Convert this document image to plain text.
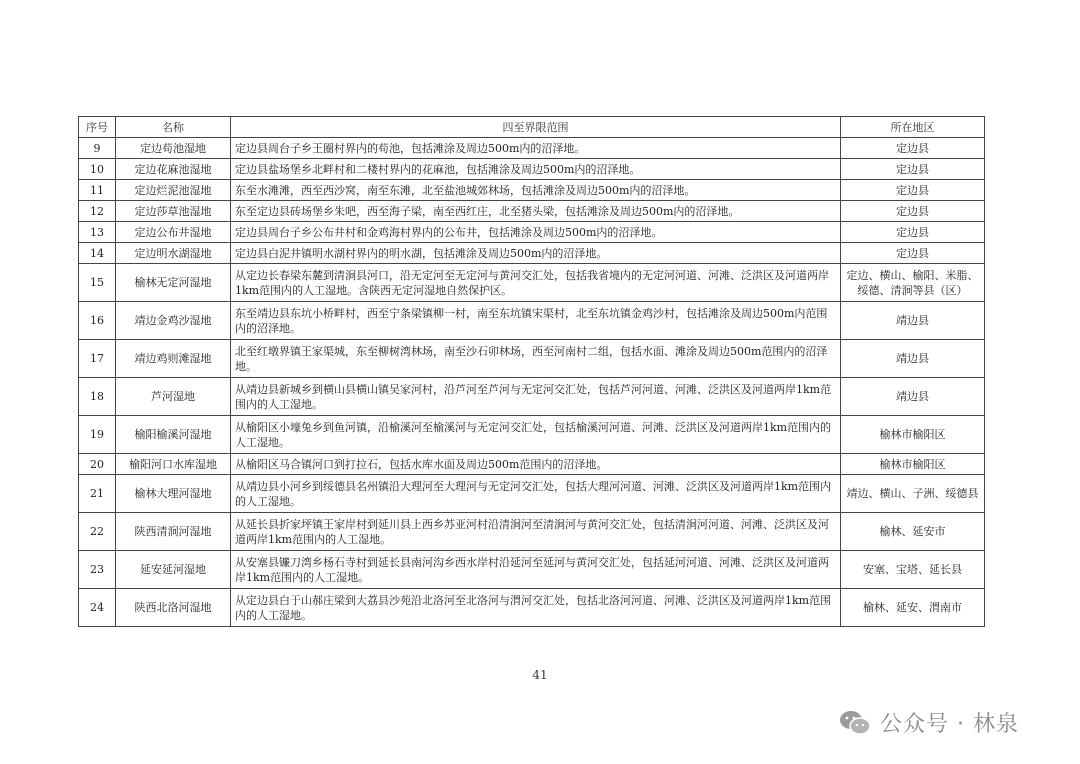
序号	名称	四至界限范围	所在地区
9	定边苟池湿地	定边县周台子乡王圈村界内的苟池，包括滩涂及周边500m内的沼泽地。	定边县
10	定边花麻池湿地	定边县盐场堡乡北畔村和二楼村界内的花麻池，包括滩涂及周边500m内的沼泽地。	定边县
11	定边烂泥池湿地	东至水滩滩，西至西沙窝，南至东滩，北至盐池城郊林场，包括滩涂及周边500m内的沼泽地。	定边县
12	定边莎草池湿地	东至定边县砖场堡乡朱吧，西至海子梁，南至西红庄，北至猪头梁，包括滩涂及周边500m内的沼泽地。	定边县
13	定边公布井湿地	定边县周台子乡公布井村和金鸡海村界内的公布井，包括滩涂及周边500m内的沼泽地。	定边县
14	定边明水湖湿地	定边县白泥井镇明水湖村界内的明水湖，包括滩涂及周边500m内的沼泽地。	定边县
15	榆林无定河湿地	从定边长春梁东麓到清涧县河口，沿无定河至无定河与黄河交汇处，包括我省境内的无定河河道、河滩、泛洪区及河道两岸1km范围内的人工湿地。含陕西无定河湿地自然保护区。	定边、横山、榆阳、米脂、绥德、清涧等县（区）
16	靖边金鸡沙湿地	东至靖边县东坑小桥畔村，西至宁条梁镇柳一村，南至东坑镇宋渠村，北至东坑镇金鸡沙村，包括滩涂及周边500m内范围内的沼泽地。	靖边县
17	靖边鸡则滩湿地	北至红墩界镇王家渠城，东至柳树湾林场，南至沙石卯林场，西至河南村二组，包括水面、滩涂及周边500m范围内的沼泽地。	靖边县
18	芦河湿地	从靖边县新城乡到横山县横山镇吴家河村，沿芦河至芦河与无定河交汇处，包括芦河河道、河滩、泛洪区及河道两岸1km范围内的人工湿地。	靖边县
19	榆阳榆溪河湿地	从榆阳区小壕兔乡到鱼河镇，沿榆溪河至榆溪河与无定河交汇处，包括榆溪河河道、河滩、泛洪区及河道两岸1km范围内的人工湿地。	榆林市榆阳区
20	榆阳河口水库湿地	从榆阳区马合镇河口到打拉石，包括水库水面及周边500m范围内的沼泽地。	榆林市榆阳区
21	榆林大理河湿地	从靖边县小河乡到绥德县名州镇沿大理河至大理河与无定河交汇处，包括大理河河道、河滩、泛洪区及河道两岸1km范围内的人工湿地。	靖边、横山、子洲、绥德县
22	陕西清涧河湿地	从延长县折家坪镇王家岸村到延川县上西乡苏亚河村沿清涧河至清涧河与黄河交汇处，包括清涧河河道、河滩、泛洪区及河道两岸1km范围内的人工湿地。	榆林、延安市
23	延安延河湿地	从安塞县镰刀湾乡杨石寺村到延长县南河沟乡西水岸村沿延河至延河与黄河交汇处，包括延河河道、河滩、泛洪区及河道两岸1km范围内的人工湿地。	安塞、宝塔、延长县
24	陕西北洛河湿地	从定边县白于山郝庄梁到大荔县沙苑沿北洛河至北洛河与渭河交汇处，包括北洛河河道、河滩、泛洪区及河道两岸1km范围内的人工湿地。	榆林、延安、渭南市
41
公众号 · 林泉
